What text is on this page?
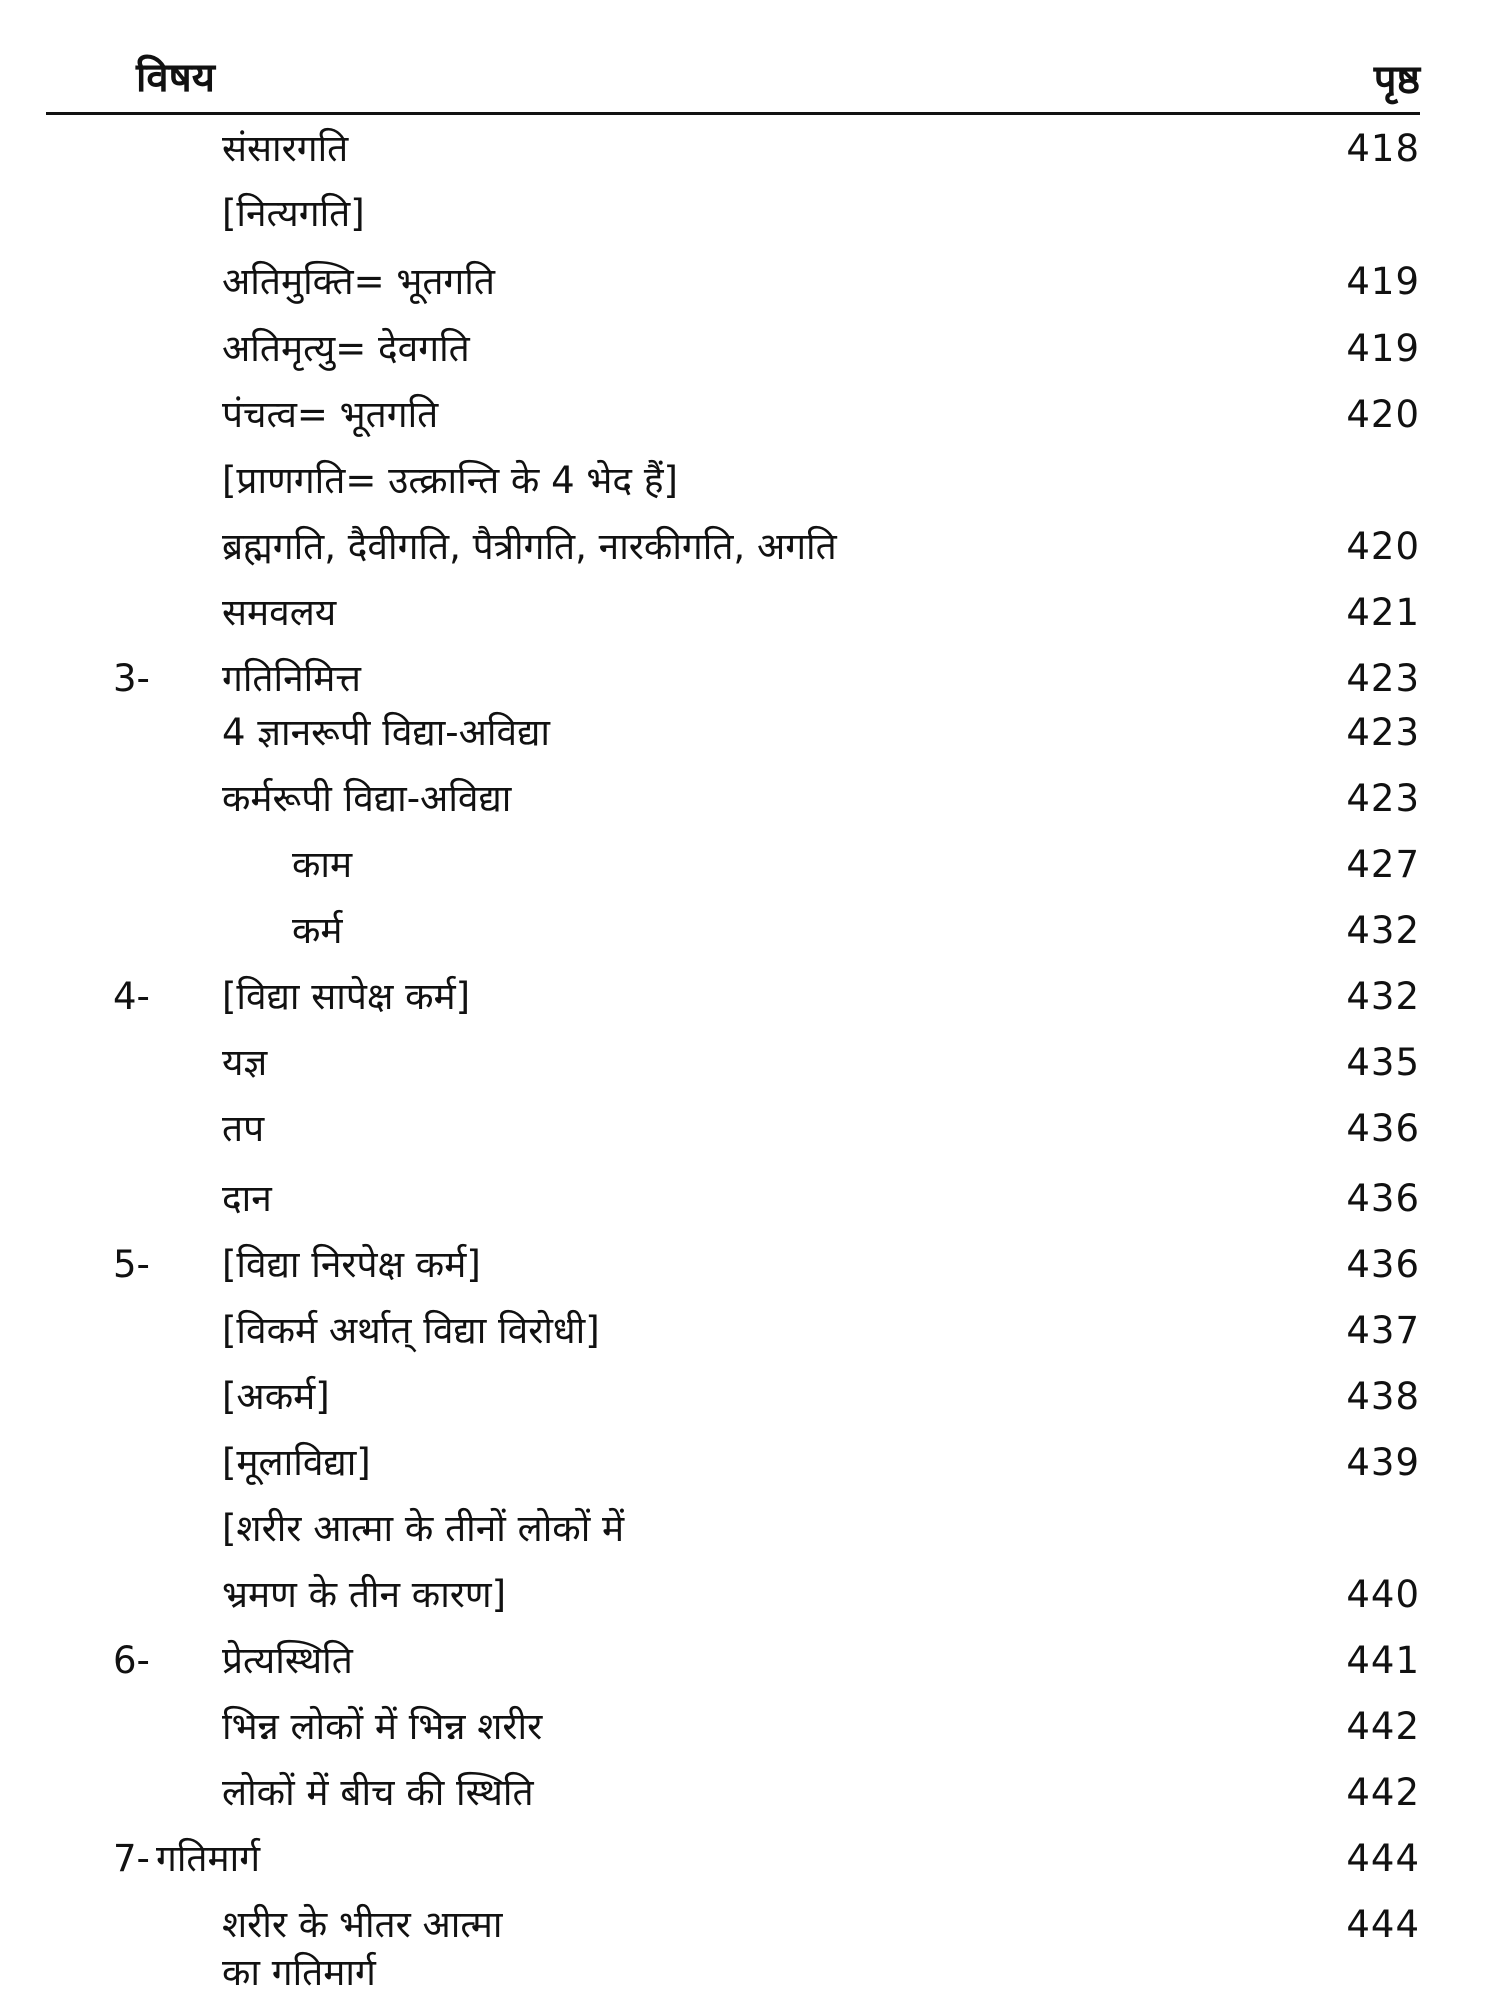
विषय	पृष्ठ
संसारगति	418
[नित्यगति]
अतिमुक्ति= भूतगति	419
अतिमृत्यु= देवगति	419
पंचत्व= भूतगति	420
[प्राणगति= उत्क्रान्ति के 4 भेद हैं]
ब्रह्मगति, दैवीगति, पैत्रीगति, नारकीगति, अगति	420
समवलय	421
3- गतिनिमित्त	423
4 ज्ञानरूपी विद्या-अविद्या	423
कर्मरूपी विद्या-अविद्या	423
काम	427
कर्म	432
4- [विद्या सापेक्ष कर्म]	432
यज्ञ	435
तप	436
दान	436
5- [विद्या निरपेक्ष कर्म]	436
[विकर्म अर्थात् विद्या विरोधी]	437
[अकर्म]	438
[मूलाविद्या]	439
[शरीर आत्मा के तीनों लोकों में
भ्रमण के तीन कारण]	440
6- प्रेत्यस्थिति	441
भिन्न लोकों में भिन्न शरीर	442
लोकों में बीच की स्थिति	442
7- गतिमार्ग	444
शरीर के भीतर आत्मा	444
का गतिमार्ग
